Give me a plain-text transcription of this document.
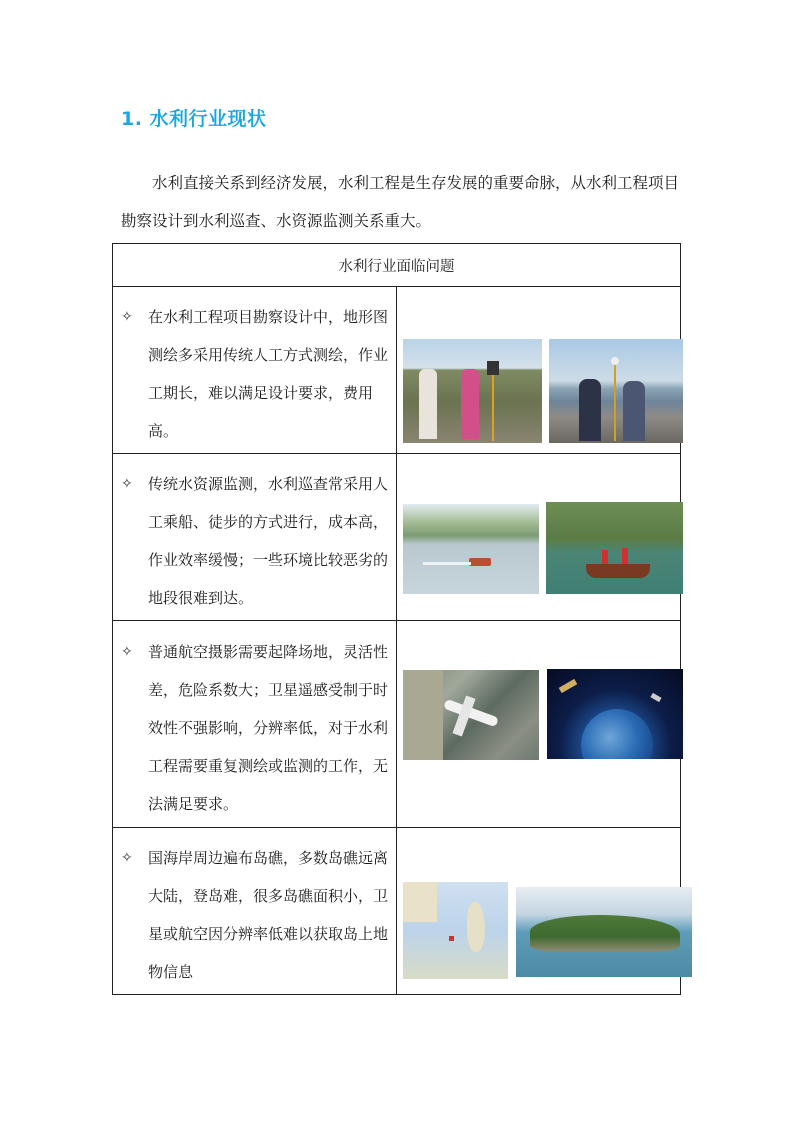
1. 水利行业现状

水利直接关系到经济发展，水利工程是生存发展的重要命脉，从水利工程项目勘察设计到水利巡查、水资源监测关系重大。

水利行业面临问题	

✧ 在水利工程项目勘察设计中，地形图测绘多采用传统人工方式测绘，作业工期长，难以满足设计要求，费用高。	

✧ 传统水资源监测，水利巡查常采用人工乘船、徒步的方式进行，成本高，作业效率缓慢；一些环境比较恶劣的地段很难到达。	

✧ 普通航空摄影需要起降场地，灵活性差，危险系数大；卫星遥感受制于时效性不强影响，分辨率低，对于水利工程需要重复测绘或监测的工作，无法满足要求。	

✧ 国海岸周边遍布岛礁，多数岛礁远离大陆，登岛难，很多岛礁面积小，卫星或航空因分辨率低难以获取岛上地物信息	
